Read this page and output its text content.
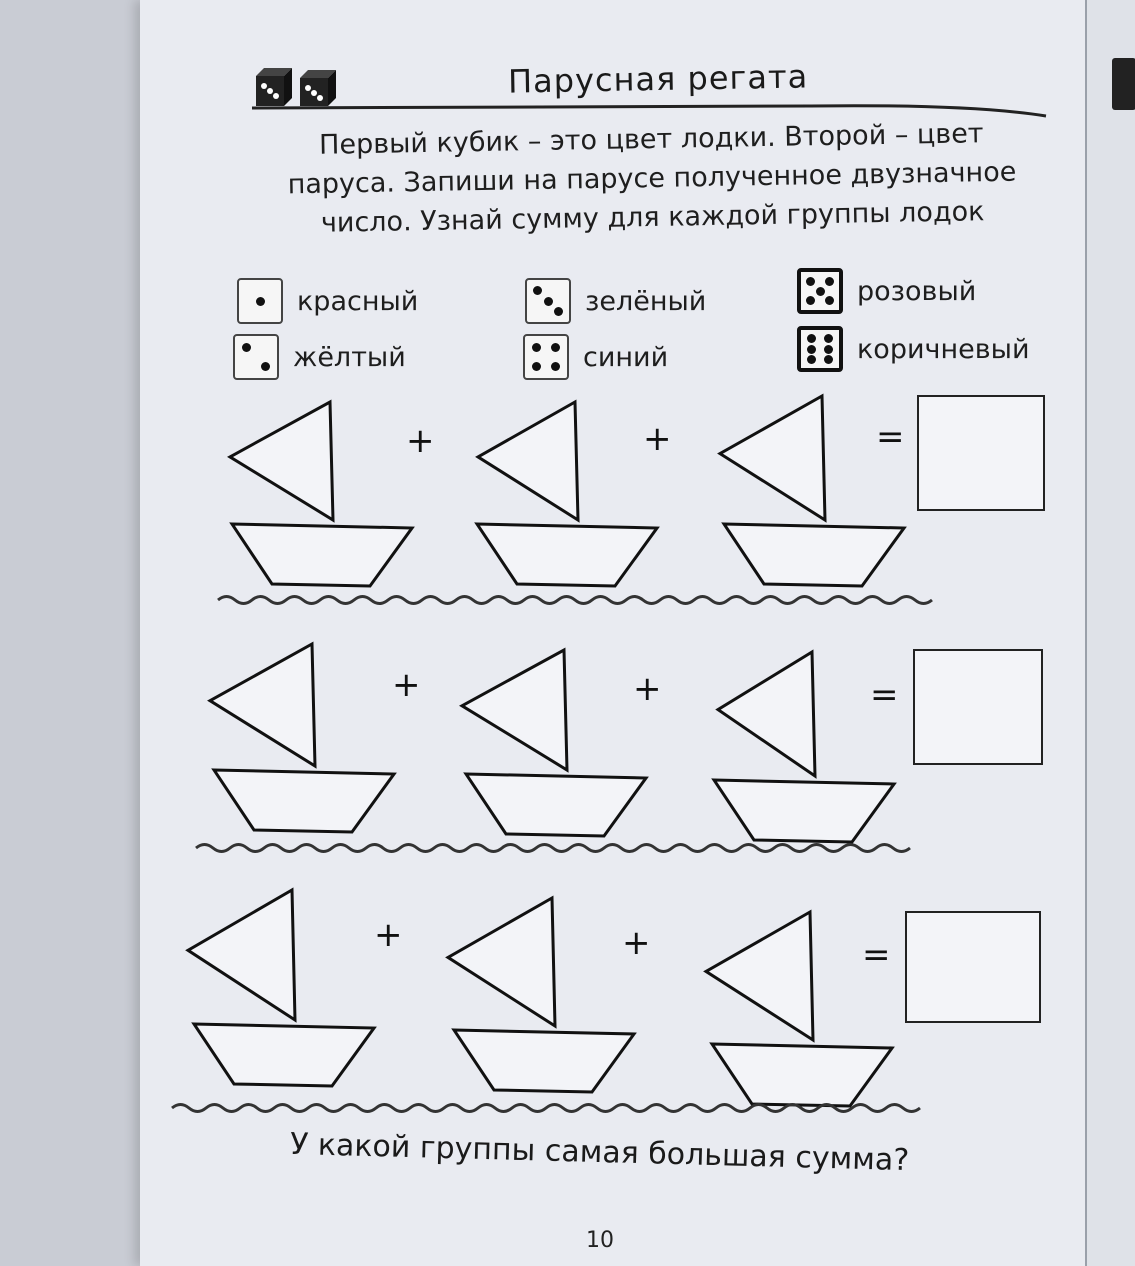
Парусная регата
Первый кубик – это цвет лодки. Второй – цвет паруса. Запиши на парусе полученное двузначное число. Узнай сумму для каждой группы лодок
красный
жёлтый
зелёный
синий
розовый
коричневый
+	+	=
+	+	=
+	+	=
У какой группы самая большая сумма?
10
